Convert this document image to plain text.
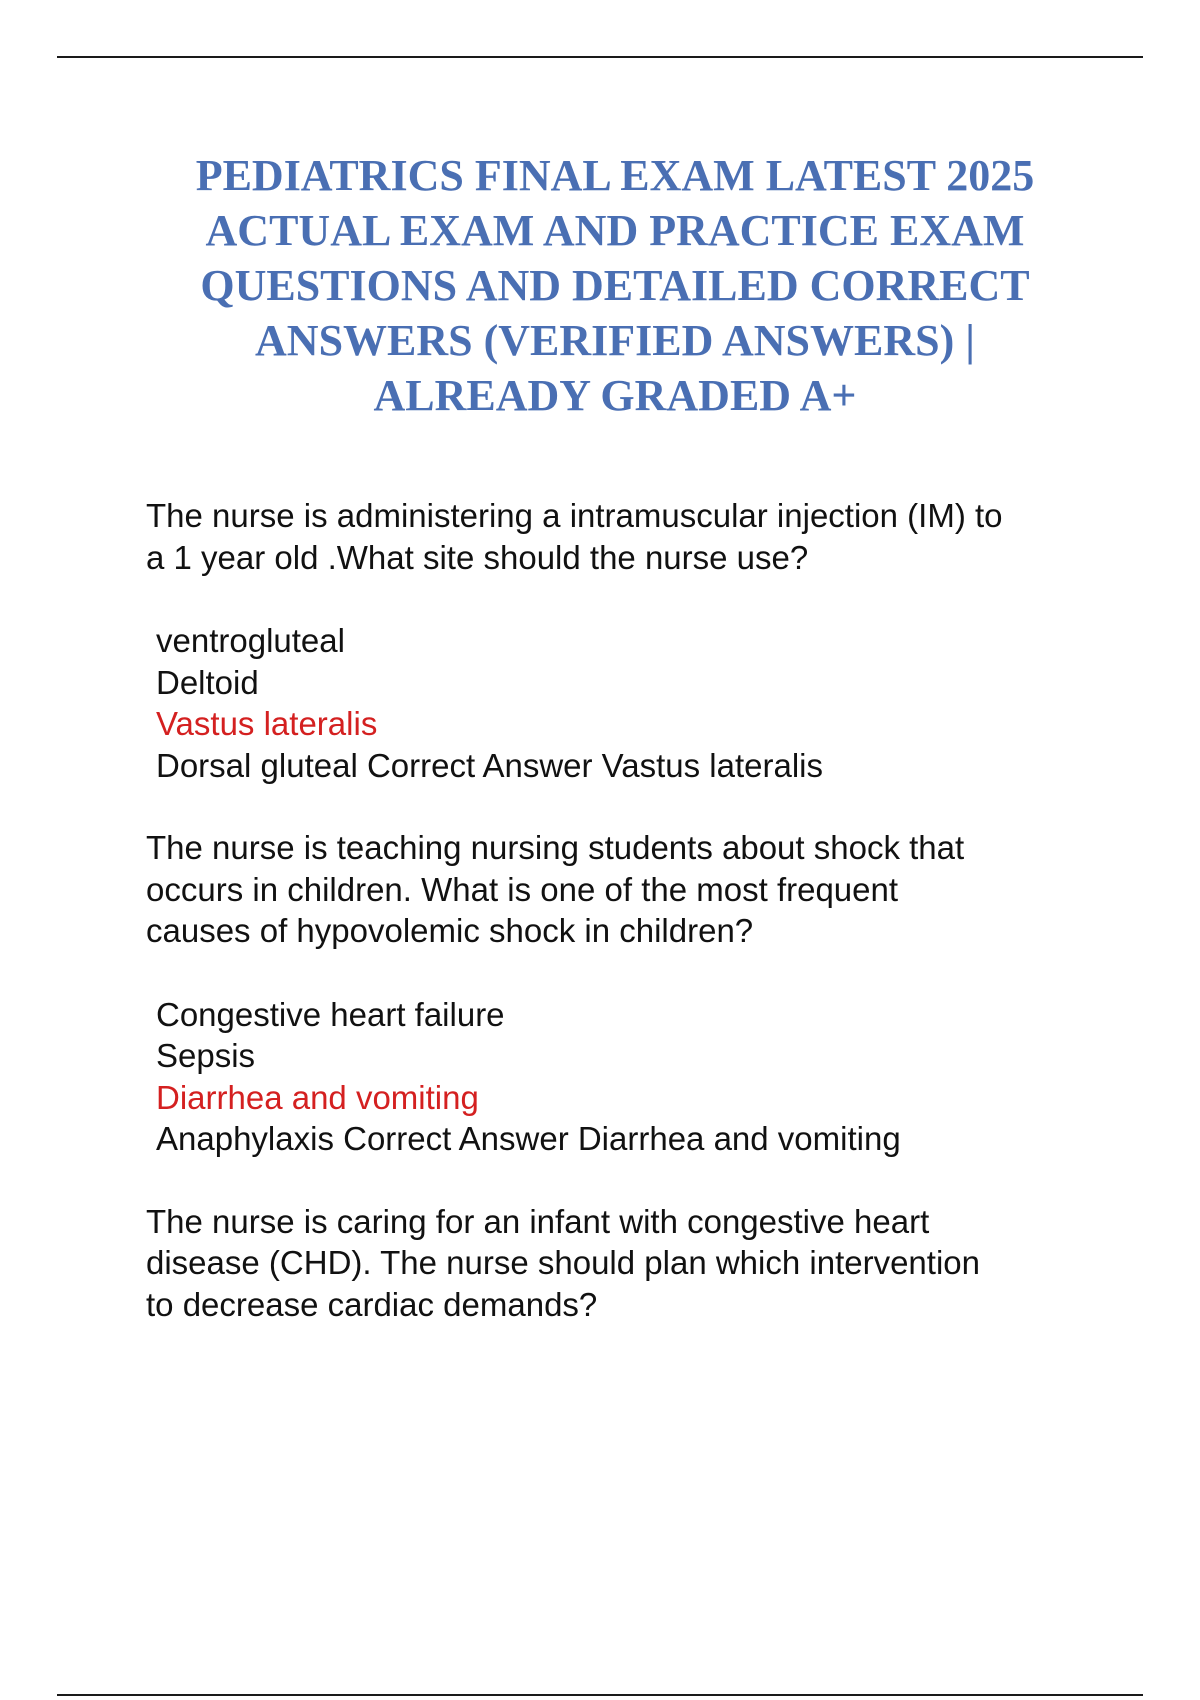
PEDIATRICS FINAL EXAM LATEST 2025
ACTUAL EXAM AND PRACTICE EXAM
QUESTIONS AND DETAILED CORRECT
ANSWERS (VERIFIED ANSWERS) |
ALREADY GRADED A+

The nurse is administering a intramuscular injection (IM) to
a 1 year old .What site should the nurse use?

ventrogluteal
Deltoid
Vastus lateralis
Dorsal gluteal Correct Answer Vastus lateralis

The nurse is teaching nursing students about shock that
occurs in children. What is one of the most frequent
causes of hypovolemic shock in children?

Congestive heart failure
Sepsis
Diarrhea and vomiting
Anaphylaxis Correct Answer Diarrhea and vomiting

The nurse is caring for an infant with congestive heart
disease (CHD). The nurse should plan which intervention
to decrease cardiac demands?
